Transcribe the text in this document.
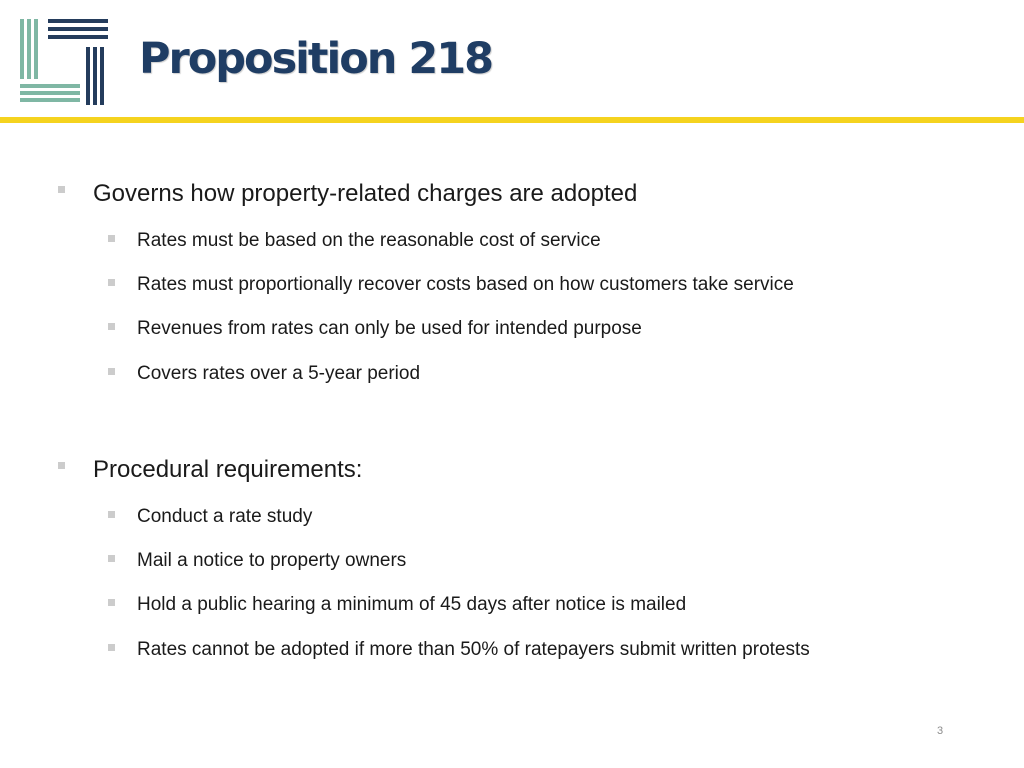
Proposition 218
Governs how property-related charges are adopted
Rates must be based on the reasonable cost of service
Rates must proportionally recover costs based on how customers take service
Revenues from rates can only be used for intended purpose
Covers rates over a 5-year period
Procedural requirements:
Conduct a rate study
Mail a notice to property owners
Hold a public hearing a minimum of 45 days after notice is mailed
Rates cannot be adopted if more than 50% of ratepayers submit written protests
3
